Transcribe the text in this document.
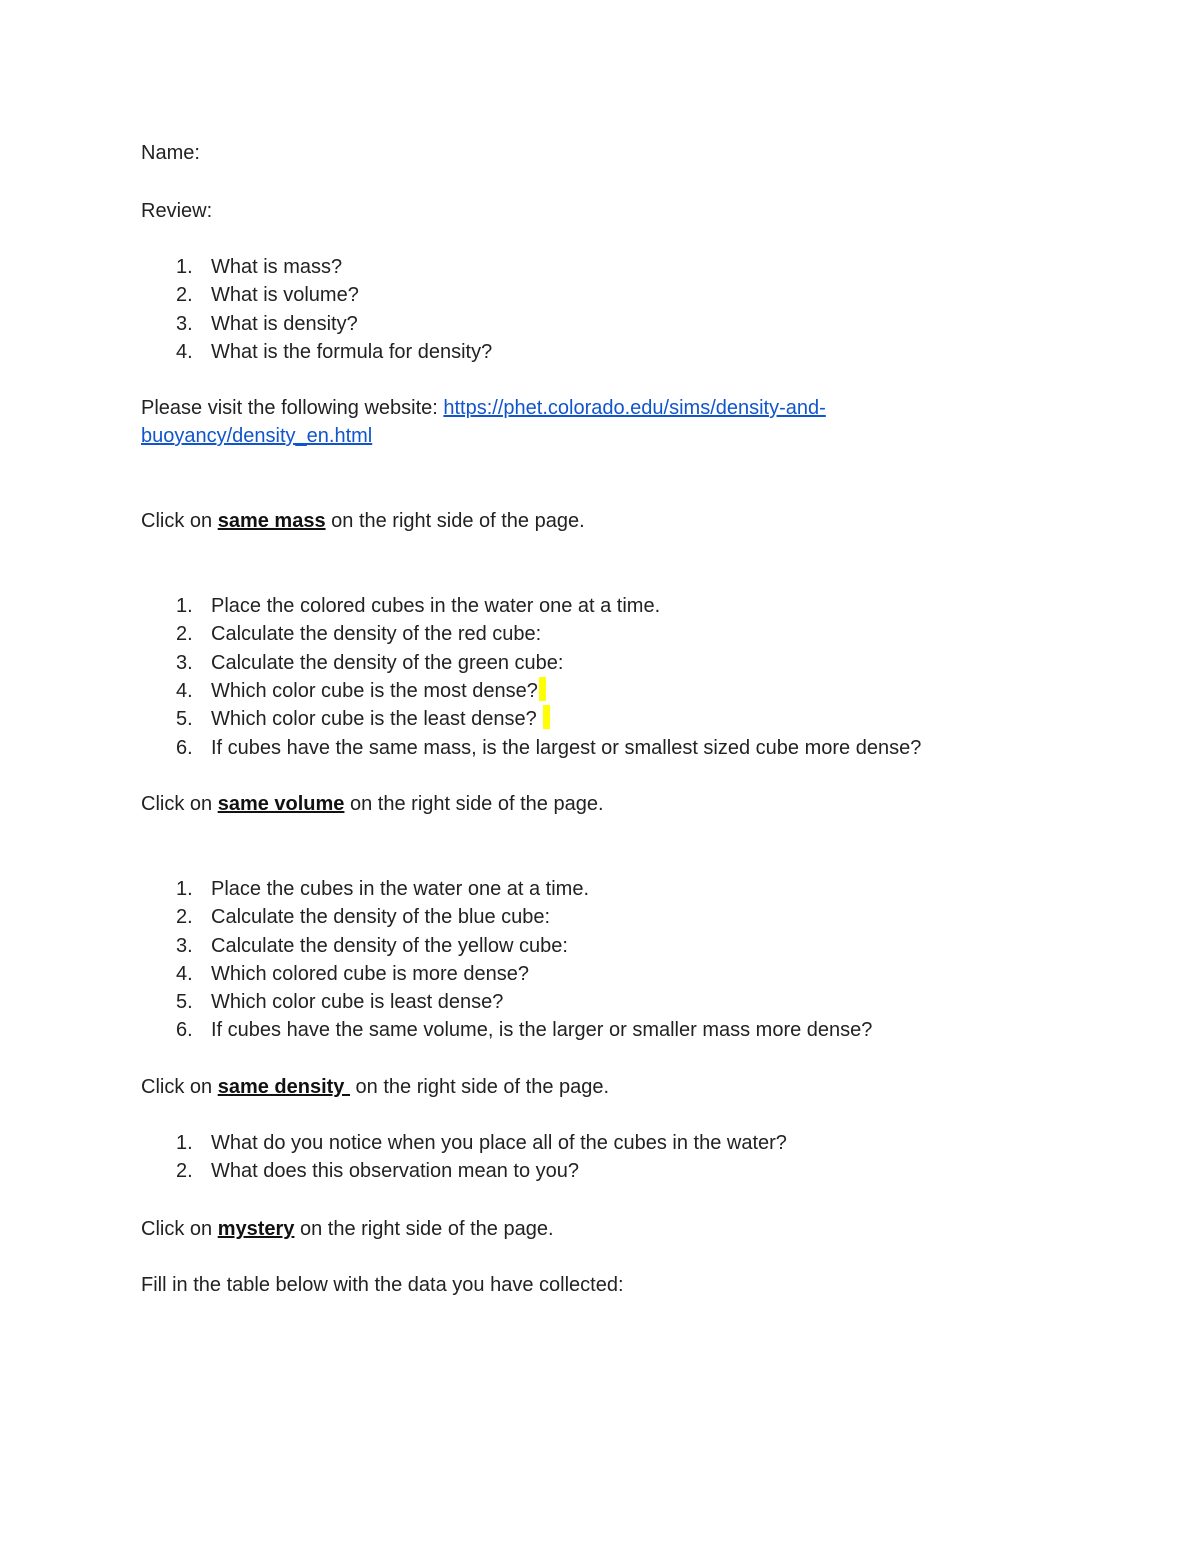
Name:

Review:

1. What is mass?
2. What is volume?
3. What is density?
4. What is the formula for density?

Please visit the following website: https://phet.colorado.edu/sims/density-and-
buoyancy/density_en.html

Click on same mass on the right side of the page.

1. Place the colored cubes in the water one at a time.
2. Calculate the density of the red cube:
3. Calculate the density of the green cube:
4. Which color cube is the most dense?
5. Which color cube is the least dense?
6. If cubes have the same mass, is the largest or smallest sized cube more dense?

Click on same volume on the right side of the page.

1. Place the cubes in the water one at a time.
2. Calculate the density of the blue cube:
3. Calculate the density of the yellow cube:
4. Which colored cube is more dense?
5. Which color cube is least dense?
6. If cubes have the same volume, is the larger or smaller mass more dense?

Click on same density  on the right side of the page.

1. What do you notice when you place all of the cubes in the water?
2. What does this observation mean to you?

Click on mystery on the right side of the page.

Fill in the table below with the data you have collected:
